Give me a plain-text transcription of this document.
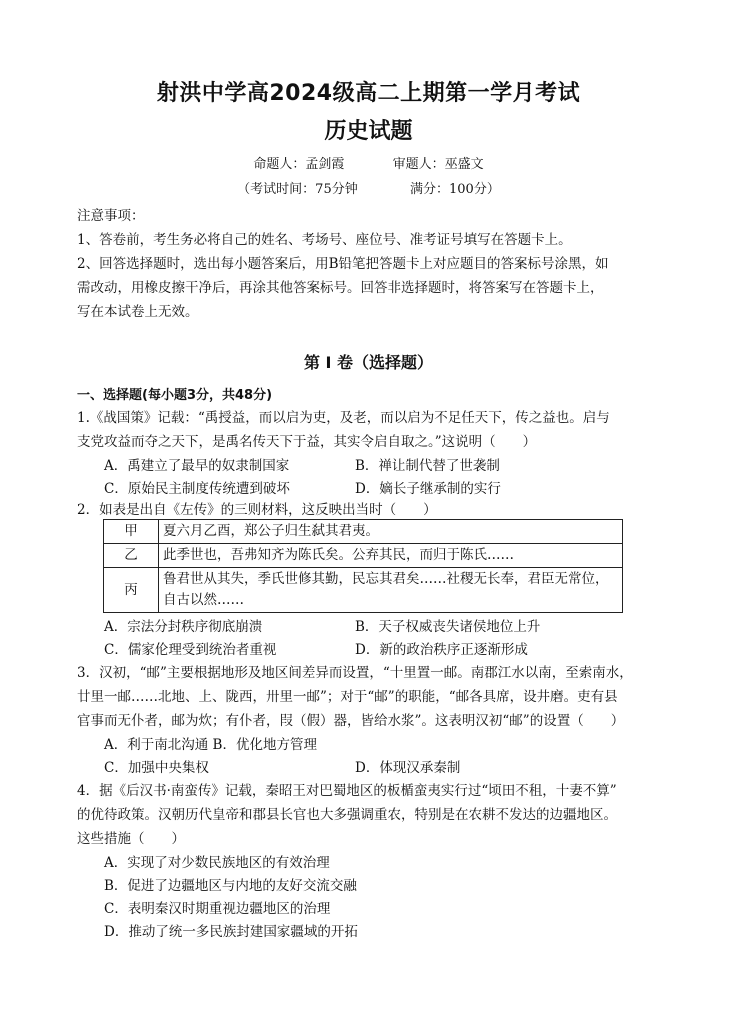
射洪中学高2024级高二上期第一学月考试
历史试题
命题人：孟剑霞	审题人：巫盛文
（考试时间：75分钟	满分：100分）
注意事项：
1、答卷前，考生务必将自己的姓名、考场号、座位号、准考证号填写在答题卡上。
2、回答选择题时，选出每小题答案后，用B铅笔把答题卡上对应题目的答案标号涂黑，如
需改动，用橡皮擦干净后，再涂其他答案标号。回答非选择题时，将答案写在答题卡上，
写在本试卷上无效。
第 I 卷（选择题）
一、选择题(每小题3分，共48分)
1.《战国策》记载：“禹授益，而以启为吏，及老，而以启为不足任天下，传之益也。启与
支党攻益而夺之天下，是禹名传天下于益，其实令启自取之。”这说明（　　）
A．禹建立了最早的奴隶制国家	B．禅让制代替了世袭制
C．原始民主制度传统遭到破坏	D．嫡长子继承制的实行
2．如表是出自《左传》的三则材料，这反映出当时（　　）
甲	夏六月乙酉，郑公子归生弑其君夷。
乙	此季世也，吾弗知齐为陈氏矣。公弃其民，而归于陈氏……
丙	鲁君世从其失，季氏世修其勤，民忘其君矣……社稷无长奉，君臣无常位，自古以然……
A．宗法分封秩序彻底崩溃	B．天子权威丧失诸侯地位上升
C．儒家伦理受到统治者重视	D．新的政治秩序正逐渐形成
3．汉初，“邮”主要根据地形及地区间差异而设置，“十里置一邮。南郡江水以南，至索南水，
廿里一邮……北地、上、陇西，卅里一邮”；对于“邮”的职能，“邮各具席，设井磨。吏有县
官事而无仆者，邮为炊；有仆者，叚（假）器，皆给水浆”。这表明汉初“邮”的设置（　　）
A．利于南北沟通 B．优化地方管理
C．加强中央集权	D．体现汉承秦制
4．据《后汉书·南蛮传》记载，秦昭王对巴蜀地区的板楯蛮夷实行过“顷田不租，十妻不算”
的优待政策。汉朝历代皇帝和郡县长官也大多强调重农，特别是在农耕不发达的边疆地区。
这些措施（　　）
A．实现了对少数民族地区的有效治理
B．促进了边疆地区与内地的友好交流交融
C．表明秦汉时期重视边疆地区的治理
D．推动了统一多民族封建国家疆域的开拓
